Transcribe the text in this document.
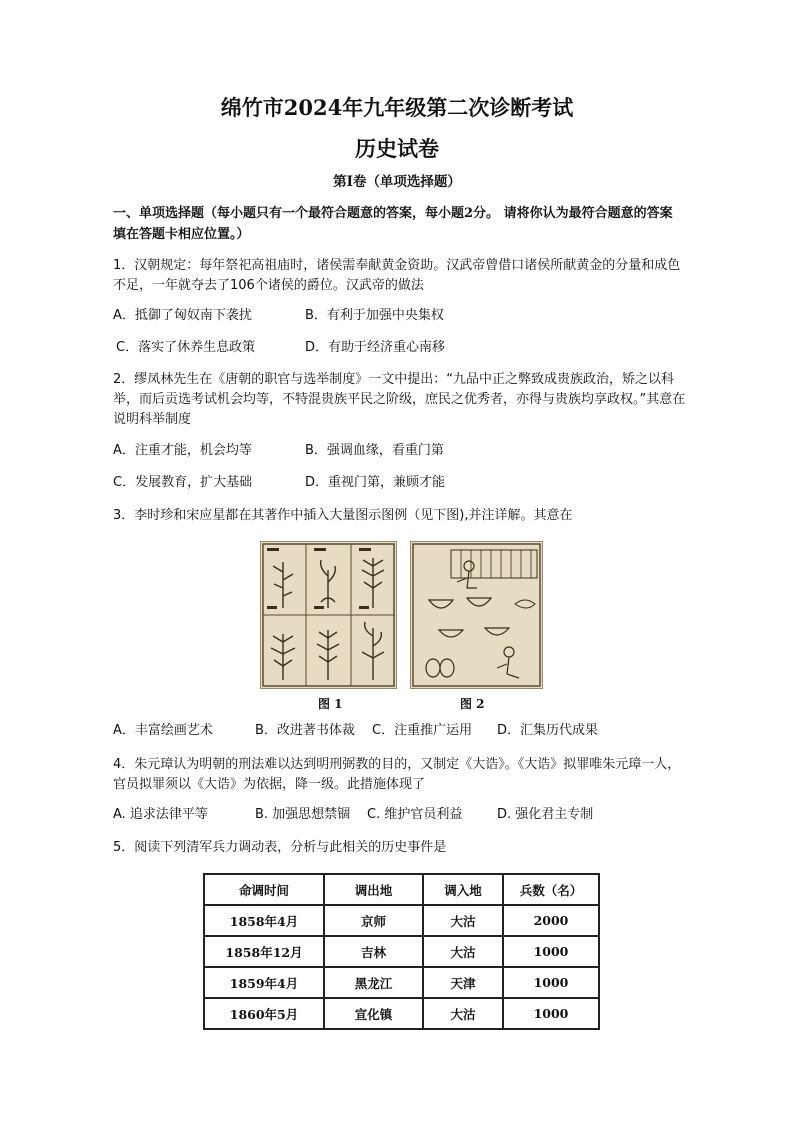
绵竹市2024年九年级第二次诊断考试
历史试卷
第Ⅰ卷（单项选择题）
一、单项选择题（每小题只有一个最符合题意的答案，每小题2分。 请将你认为最符合题意的答案填在答题卡相应位置。）
1．汉朝规定：每年祭祀高祖庙时，诸侯需奉献黄金资助。汉武帝曾借口诸侯所献黄金的分量和成色不足，一年就夺去了106个诸侯的爵位。汉武帝的做法
A．抵御了匈奴南下袭扰	B．有利于加强中央集权
C．落实了休养生息政策	D．有助于经济重心南移
2．缪凤林先生在《唐朝的职官与选举制度》一文中提出：“九品中正之弊致成贵族政治，矫之以科举，而后贡选考试机会均等，不特混贵族平民之阶级，庶民之优秀者，亦得与贵族均享政权。”其意在说明科举制度
A．注重才能，机会均等	B．强调血缘，看重门第
C．发展教育，扩大基础	D．重视门第，兼顾才能
3．李时珍和宋应星都在其著作中插入大量图示图例（见下图),并注详解。其意在
图 1	图 2
A．丰富绘画艺术	B．改进著书体裁 C．注重推广运用 D．汇集历代成果
4．朱元璋认为明朝的刑法难以达到明刑弼教的目的，又制定《大诰》。《大诰》拟罪唯朱元璋一人，官员拟罪须以《大诰》为依据，降一级。此措施体现了
A. 追求法律平等	B. 加强思想禁锢 C. 维护官员利益	D. 强化君主专制
5．阅读下列清军兵力调动表，分析与此相关的历史事件是
命调时间	调出地	调入地	兵数（名）
1858年4月	京师	大沽	2000
1858年12月	吉林	大沽	1000
1859年4月	黑龙江	天津	1000
1860年5月	宣化镇	大沽	1000
